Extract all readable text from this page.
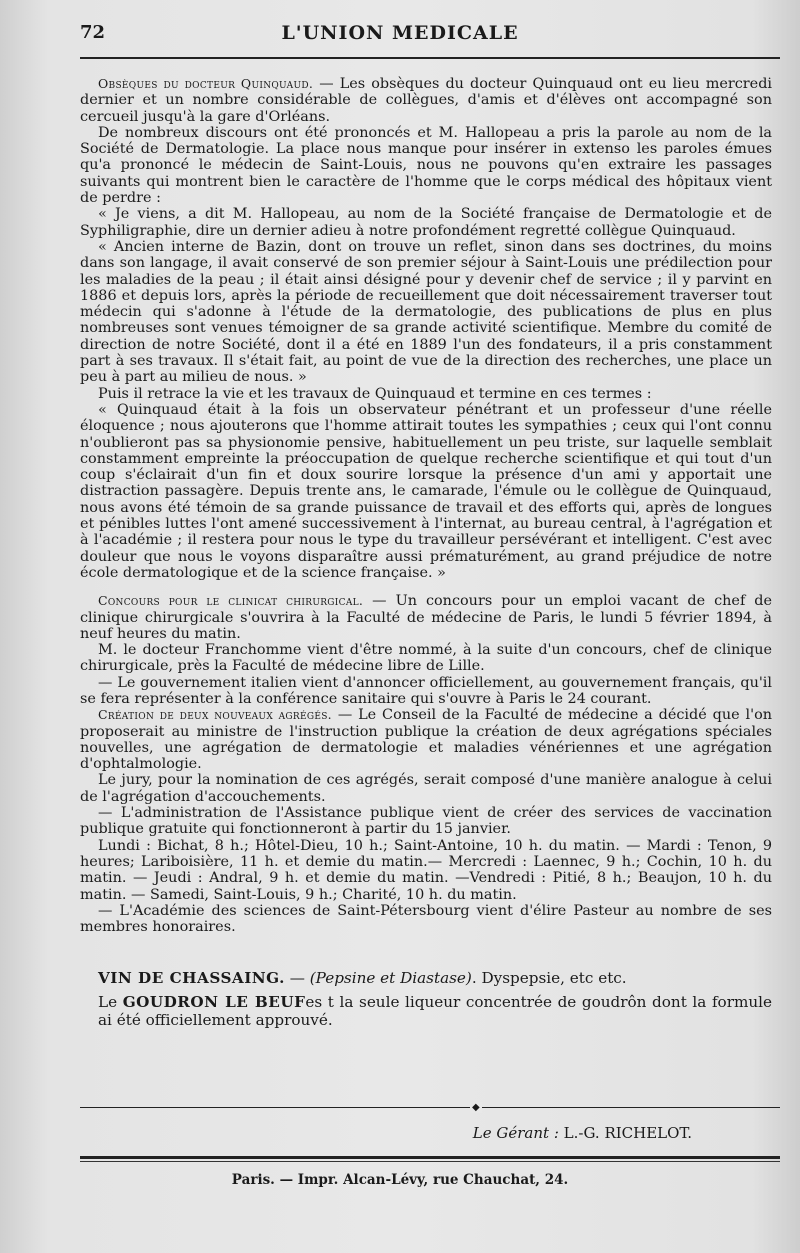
72	L'UNION MEDICALE

Obsèques du docteur Quinquaud. — Les obsèques du docteur Quinquaud ont eu lieu mercredi dernier et un nombre considérable de collègues, d'amis et d'élèves ont accompagné son cercueil jusqu'à la gare d'Orléans.

De nombreux discours ont été prononcés et M. Hallopeau a pris la parole au nom de la Société de Dermatologie. La place nous manque pour insérer in extenso les paroles émues qu'a prononcé le médecin de Saint-Louis, nous ne pouvons qu'en extraire les passages suivants qui montrent bien le caractère de l'homme que le corps médical des hôpitaux vient de perdre :

« Je viens, a dit M. Hallopeau, au nom de la Société française de Dermatologie et de Syphiligraphie, dire un dernier adieu à notre profondément regretté collègue Quinquaud.

« Ancien interne de Bazin, dont on trouve un reflet, sinon dans ses doctrines, du moins dans son langage, il avait conservé de son premier séjour à Saint-Louis une prédilection pour les maladies de la peau ; il était ainsi désigné pour y devenir chef de service ; il y parvint en 1886 et depuis lors, après la période de recueillement que doit nécessairement traverser tout médecin qui s'adonne à l'étude de la dermatologie, des publications de plus en plus nombreuses sont venues témoigner de sa grande activité scientifique. Membre du comité de direction de notre Société, dont il a été en 1889 l'un des fondateurs, il a pris constamment part à ses travaux. Il s'était fait, au point de vue de la direction des recherches, une place un peu à part au milieu de nous. »

Puis il retrace la vie et les travaux de Quinquaud et termine en ces termes :

« Quinquaud était à la fois un observateur pénétrant et un professeur d'une réelle éloquence ; nous ajouterons que l'homme attirait toutes les sympathies ; ceux qui l'ont connu n'oublieront pas sa physionomie pensive, habituellement un peu triste, sur laquelle semblait constamment empreinte la préoccupation de quelque recherche scientifique et qui tout d'un coup s'éclairait d'un fin et doux sourire lorsque la présence d'un ami y apportait une distraction passagère. Depuis trente ans, le camarade, l'émule ou le collègue de Quinquaud, nous avons été témoin de sa grande puissance de travail et des efforts qui, après de longues et pénibles luttes l'ont amené successivement à l'internat, au bureau central, à l'agrégation et à l'académie ; il restera pour nous le type du travailleur persévérant et intelligent. C'est avec douleur que nous le voyons disparaître aussi prématurément, au grand préjudice de notre école dermatologique et de la science française. »

Concours pour le clinicat chirurgical. — Un concours pour un emploi vacant de chef de clinique chirurgicale s'ouvrira à la Faculté de médecine de Paris, le lundi 5 février 1894, à neuf heures du matin.

M. le docteur Franchomme vient d'être nommé, à la suite d'un concours, chef de clinique chirurgicale, près la Faculté de médecine libre de Lille.

— Le gouvernement italien vient d'annoncer officiellement, au gouvernement français, qu'il se fera représenter à la conférence sanitaire qui s'ouvre à Paris le 24 courant.

Création de deux nouveaux agrégés. — Le Conseil de la Faculté de médecine a décidé que l'on proposerait au ministre de l'instruction publique la création de deux agrégations spéciales nouvelles, une agrégation de dermatologie et maladies vénériennes et une agrégation d'ophtalmologie.

Le jury, pour la nomination de ces agrégés, serait composé d'une manière analogue à celui de l'agrégation d'accouchements.

— L'administration de l'Assistance publique vient de créer des services de vaccination publique gratuite qui fonctionneront à partir du 15 janvier.

Lundi : Bichat, 8 h.; Hôtel-Dieu, 10 h.; Saint-Antoine, 10 h. du matin. — Mardi : Tenon, 9 heures; Lariboisière, 11 h. et demie du matin.— Mercredi : Laennec, 9 h.; Cochin, 10 h. du matin. — Jeudi : Andral, 9 h. et demie du matin. —Vendredi : Pitié, 8 h.; Beaujon, 10 h. du matin. — Samedi, Saint-Louis, 9 h.; Charité, 10 h. du matin.

— L'Académie des sciences de Saint-Pétersbourg vient d'élire Pasteur au nombre de ses membres honoraires.

VIN DE CHASSAING. — (Pepsine et Diastase). Dyspepsie, etc etc.

Le GOUDRON LE BEUFes t la seule liqueur concentrée de goudrôn dont la formule ai été officiellement approuvé.

◆
Le Gérant : L.-G. RICHELOT.
Paris. — Impr. Alcan-Lévy, rue Chauchat, 24.
